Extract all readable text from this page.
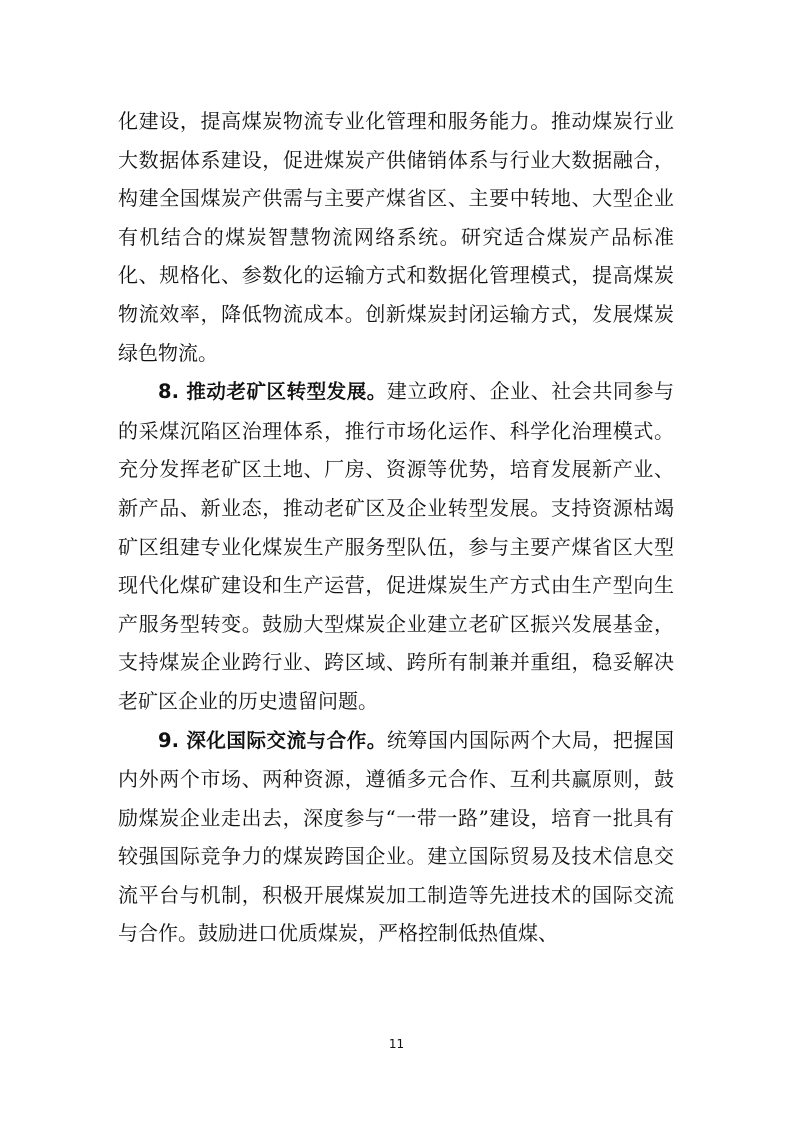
化建设，提高煤炭物流专业化管理和服务能力。推动煤炭行业大数据体系建设，促进煤炭产供储销体系与行业大数据融合，构建全国煤炭产供需与主要产煤省区、主要中转地、大型企业有机结合的煤炭智慧物流网络系统。研究适合煤炭产品标准化、规格化、参数化的运输方式和数据化管理模式，提高煤炭物流效率，降低物流成本。创新煤炭封闭运输方式，发展煤炭绿色物流。

8. 推动老矿区转型发展。建立政府、企业、社会共同参与的采煤沉陷区治理体系，推行市场化运作、科学化治理模式。充分发挥老矿区土地、厂房、资源等优势，培育发展新产业、新产品、新业态，推动老矿区及企业转型发展。支持资源枯竭矿区组建专业化煤炭生产服务型队伍，参与主要产煤省区大型现代化煤矿建设和生产运营，促进煤炭生产方式由生产型向生产服务型转变。鼓励大型煤炭企业建立老矿区振兴发展基金，支持煤炭企业跨行业、跨区域、跨所有制兼并重组，稳妥解决老矿区企业的历史遗留问题。

9. 深化国际交流与合作。统筹国内国际两个大局，把握国内外两个市场、两种资源，遵循多元合作、互利共赢原则，鼓励煤炭企业走出去，深度参与“一带一路”建设，培育一批具有较强国际竞争力的煤炭跨国企业。建立国际贸易及技术信息交流平台与机制，积极开展煤炭加工制造等先进技术的国际交流与合作。鼓励进口优质煤炭，严格控制低热值煤、

11
